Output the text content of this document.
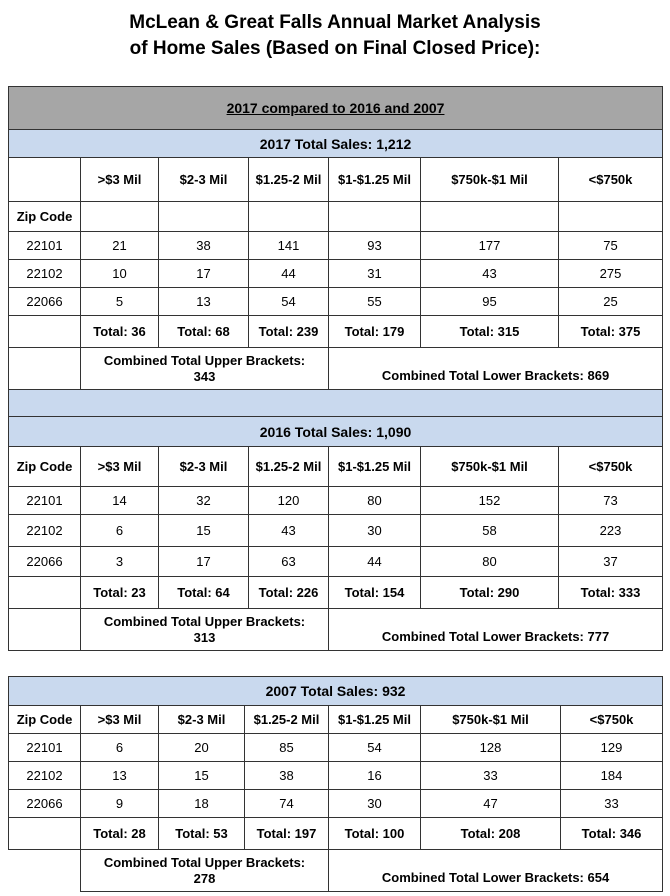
McLean & Great Falls Annual Market Analysis
of Home Sales (Based on Final Closed Price):
2017 compared to 2016 and 2007						
2017 Total Sales: 1,212						
	>$3 Mil	$2-3 Mil	$1.25-2 Mil	$1-$1.25 Mil	$750k-$1 Mil	<$750k
Zip Code						
22101	21	38	141	93	177	75
22102	10	17	44	31	43	275
22066	5	13	54	55	95	25
	Total: 36	Total: 68	Total: 239	Total: 179	Total: 315	Total: 375
	Combined Total Upper Brackets: 343			Combined Total Lower Brackets: 869		

2016 Total Sales: 1,090						
Zip Code	>$3 Mil	$2-3 Mil	$1.25-2 Mil	$1-$1.25 Mil	$750k-$1 Mil	<$750k
22101	14	32	120	80	152	73
22102	6	15	43	30	58	223
22066	3	17	63	44	80	37
	Total: 23	Total: 64	Total: 226	Total: 154	Total: 290	Total: 333
	Combined Total Upper Brackets: 313			Combined Total Lower Brackets: 777		
2007 Total Sales: 932						
Zip Code	>$3 Mil	$2-3 Mil	$1.25-2 Mil	$1-$1.25 Mil	$750k-$1 Mil	<$750k
22101	6	20	85	54	128	129
22102	13	15	38	16	33	184
22066	9	18	74	30	47	33
	Total: 28	Total: 53	Total: 197	Total: 100	Total: 208	Total: 346
	Combined Total Upper Brackets: 278			Combined Total Lower Brackets: 654		
